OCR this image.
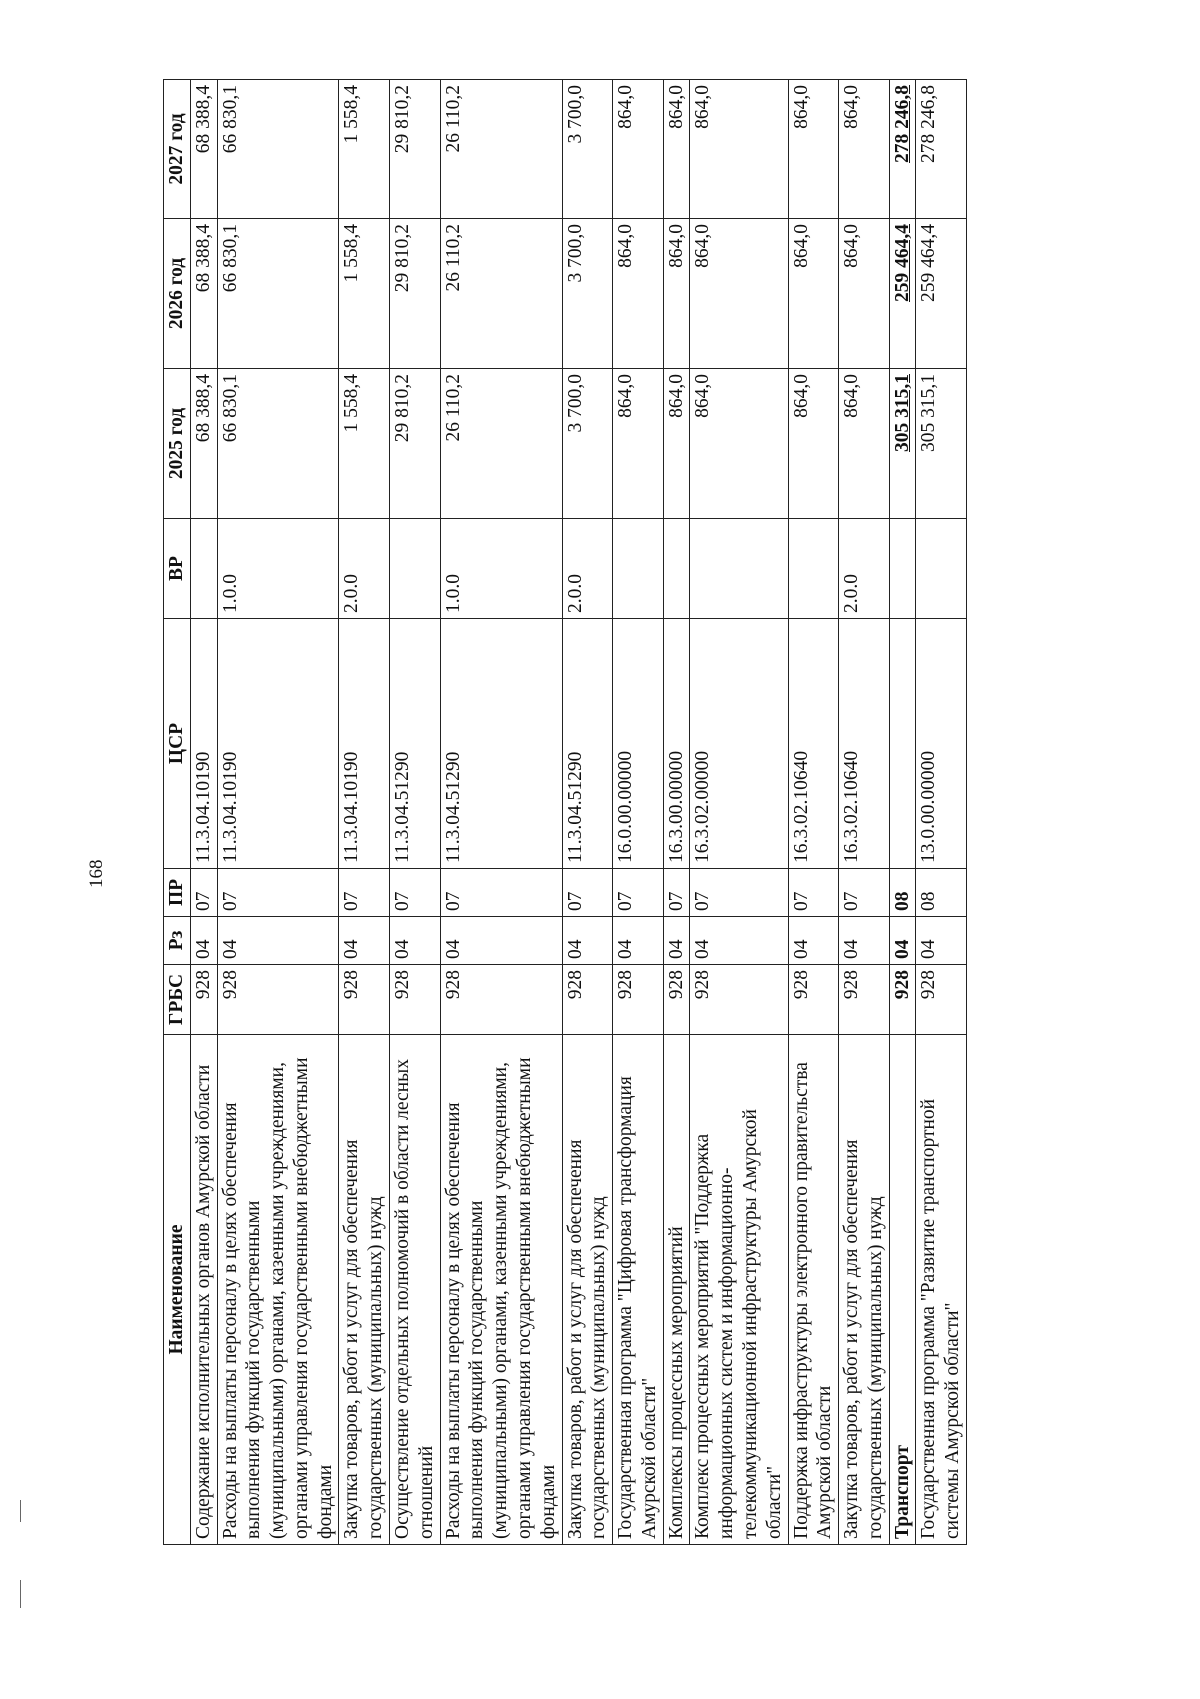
168
Наименование	ГРБС	Рз	ПР	ЦСР	ВР	2025 год	2026 год	2027 год
Содержание исполнительных органов Амурской области	928	04	07	11.3.04.10190		68 388,4	68 388,4	68 388,4
Расходы на выплаты персоналу в целях обеспечения выполнения функций государственными (муниципальными) органами, казенными учреждениями, органами управления государственными внебюджетными фондами	928	04	07	11.3.04.10190	1.0.0	66 830,1	66 830,1	66 830,1
Закупка товаров, работ и услуг для обеспечения государственных (муниципальных) нужд	928	04	07	11.3.04.10190	2.0.0	1 558,4	1 558,4	1 558,4
Осуществление отдельных полномочий в области лесных отношений	928	04	07	11.3.04.51290		29 810,2	29 810,2	29 810,2
Расходы на выплаты персоналу в целях обеспечения выполнения функций государственными (муниципальными) органами, казенными учреждениями, органами управления государственными внебюджетными фондами	928	04	07	11.3.04.51290	1.0.0	26 110,2	26 110,2	26 110,2
Закупка товаров, работ и услуг для обеспечения государственных (муниципальных) нужд	928	04	07	11.3.04.51290	2.0.0	3 700,0	3 700,0	3 700,0
Государственная программа "Цифровая трансформация Амурской области"	928	04	07	16.0.00.00000		864,0	864,0	864,0
Комплексы процессных мероприятий	928	04	07	16.3.00.00000		864,0	864,0	864,0
Комплекс процессных мероприятий "Поддержка информационных систем и информационно-телекоммуникационной инфраструктуры Амурской области"	928	04	07	16.3.02.00000		864,0	864,0	864,0
Поддержка инфраструктуры электронного правительства Амурской области	928	04	07	16.3.02.10640		864,0	864,0	864,0
Закупка товаров, работ и услуг для обеспечения государственных (муниципальных) нужд	928	04	07	16.3.02.10640	2.0.0	864,0	864,0	864,0
Транспорт	928	04	08			305 315,1	259 464,4	278 246,8
Государственная программа "Развитие транспортной системы Амурской области"	928	04	08	13.0.00.00000		305 315,1	259 464,4	278 246,8
